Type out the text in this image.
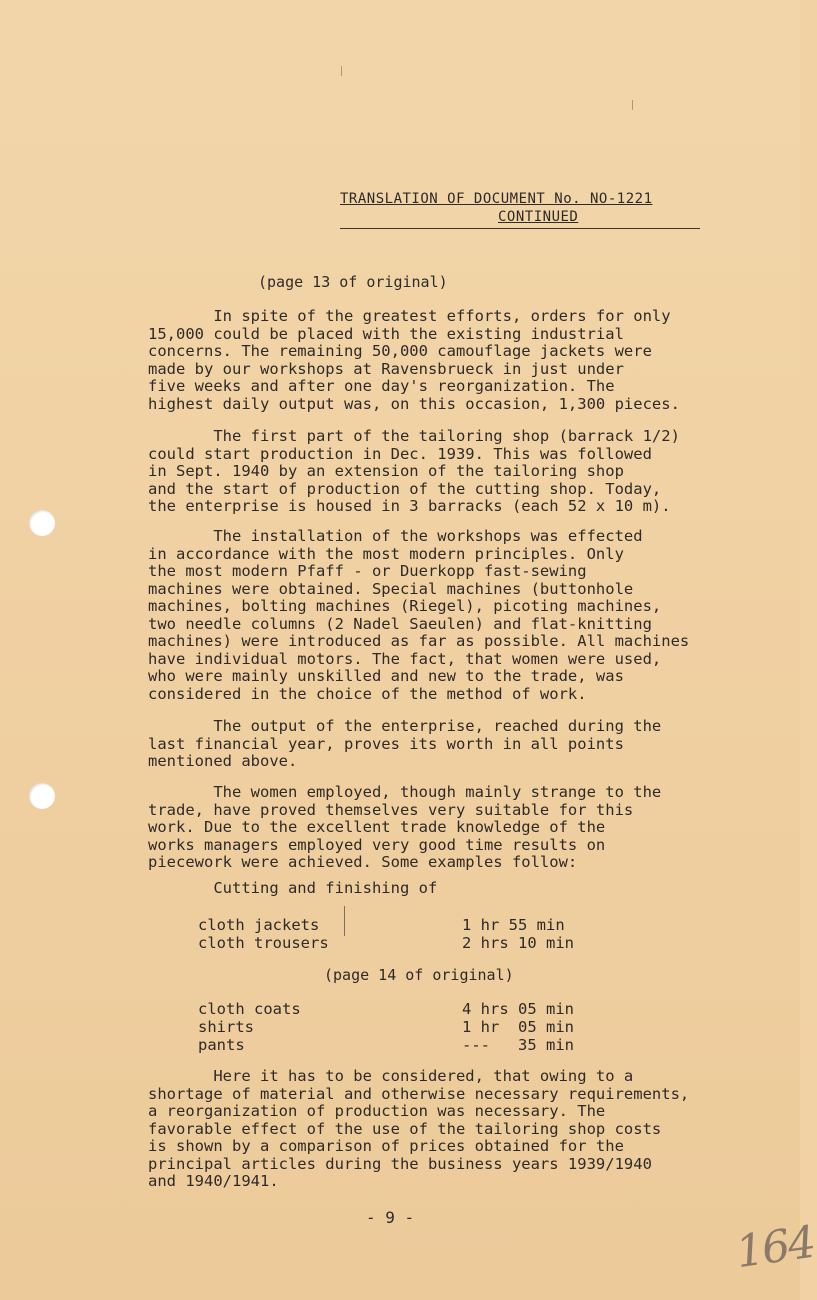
TRANSLATION OF DOCUMENT No. NO-1221
CONTINUED
(page 13 of original)
In spite of the greatest efforts, orders for only
15,000 could be placed with the existing industrial
concerns. The remaining 50,000 camouflage jackets were
made by our workshops at Ravensbrueck in just under
five weeks and after one day's reorganization. The
highest daily output was, on this occasion, 1,300 pieces.
The first part of the tailoring shop (barrack 1/2)
could start production in Dec. 1939. This was followed
in Sept. 1940 by an extension of the tailoring shop
and the start of production of the cutting shop. Today,
the enterprise is housed in 3 barracks (each 52 x 10 m).
The installation of the workshops was effected
in accordance with the most modern principles. Only
the most modern Pfaff - or Duerkopp fast-sewing
machines were obtained. Special machines (buttonhole
machines, bolting machines (Riegel), picoting machines,
two needle columns (2 Nadel Saeulen) and flat-knitting
machines) were introduced as far as possible. All machines
have individual motors. The fact, that women were used,
who were mainly unskilled and new to the trade, was
considered in the choice of the method of work.
The output of the enterprise, reached during the
last financial year, proves its worth in all points
mentioned above.
The women employed, though mainly strange to the
trade, have proved themselves very suitable for this
work. Due to the excellent trade knowledge of the
works managers employed very good time results on
piecework were achieved. Some examples follow:
Cutting and finishing of
cloth jackets	1 hr 55 min
cloth trousers	2 hrs 10 min
(page 14 of original)
cloth coats	4 hrs 05 min
shirts	1 hr  05 min
pants	---   35 min
Here it has to be considered, that owing to a
shortage of material and otherwise necessary requirements,
a reorganization of production was necessary. The
favorable effect of the use of the tailoring shop costs
is shown by a comparison of prices obtained for the
principal articles during the business years 1939/1940
and 1940/1941.
- 9 -	164
